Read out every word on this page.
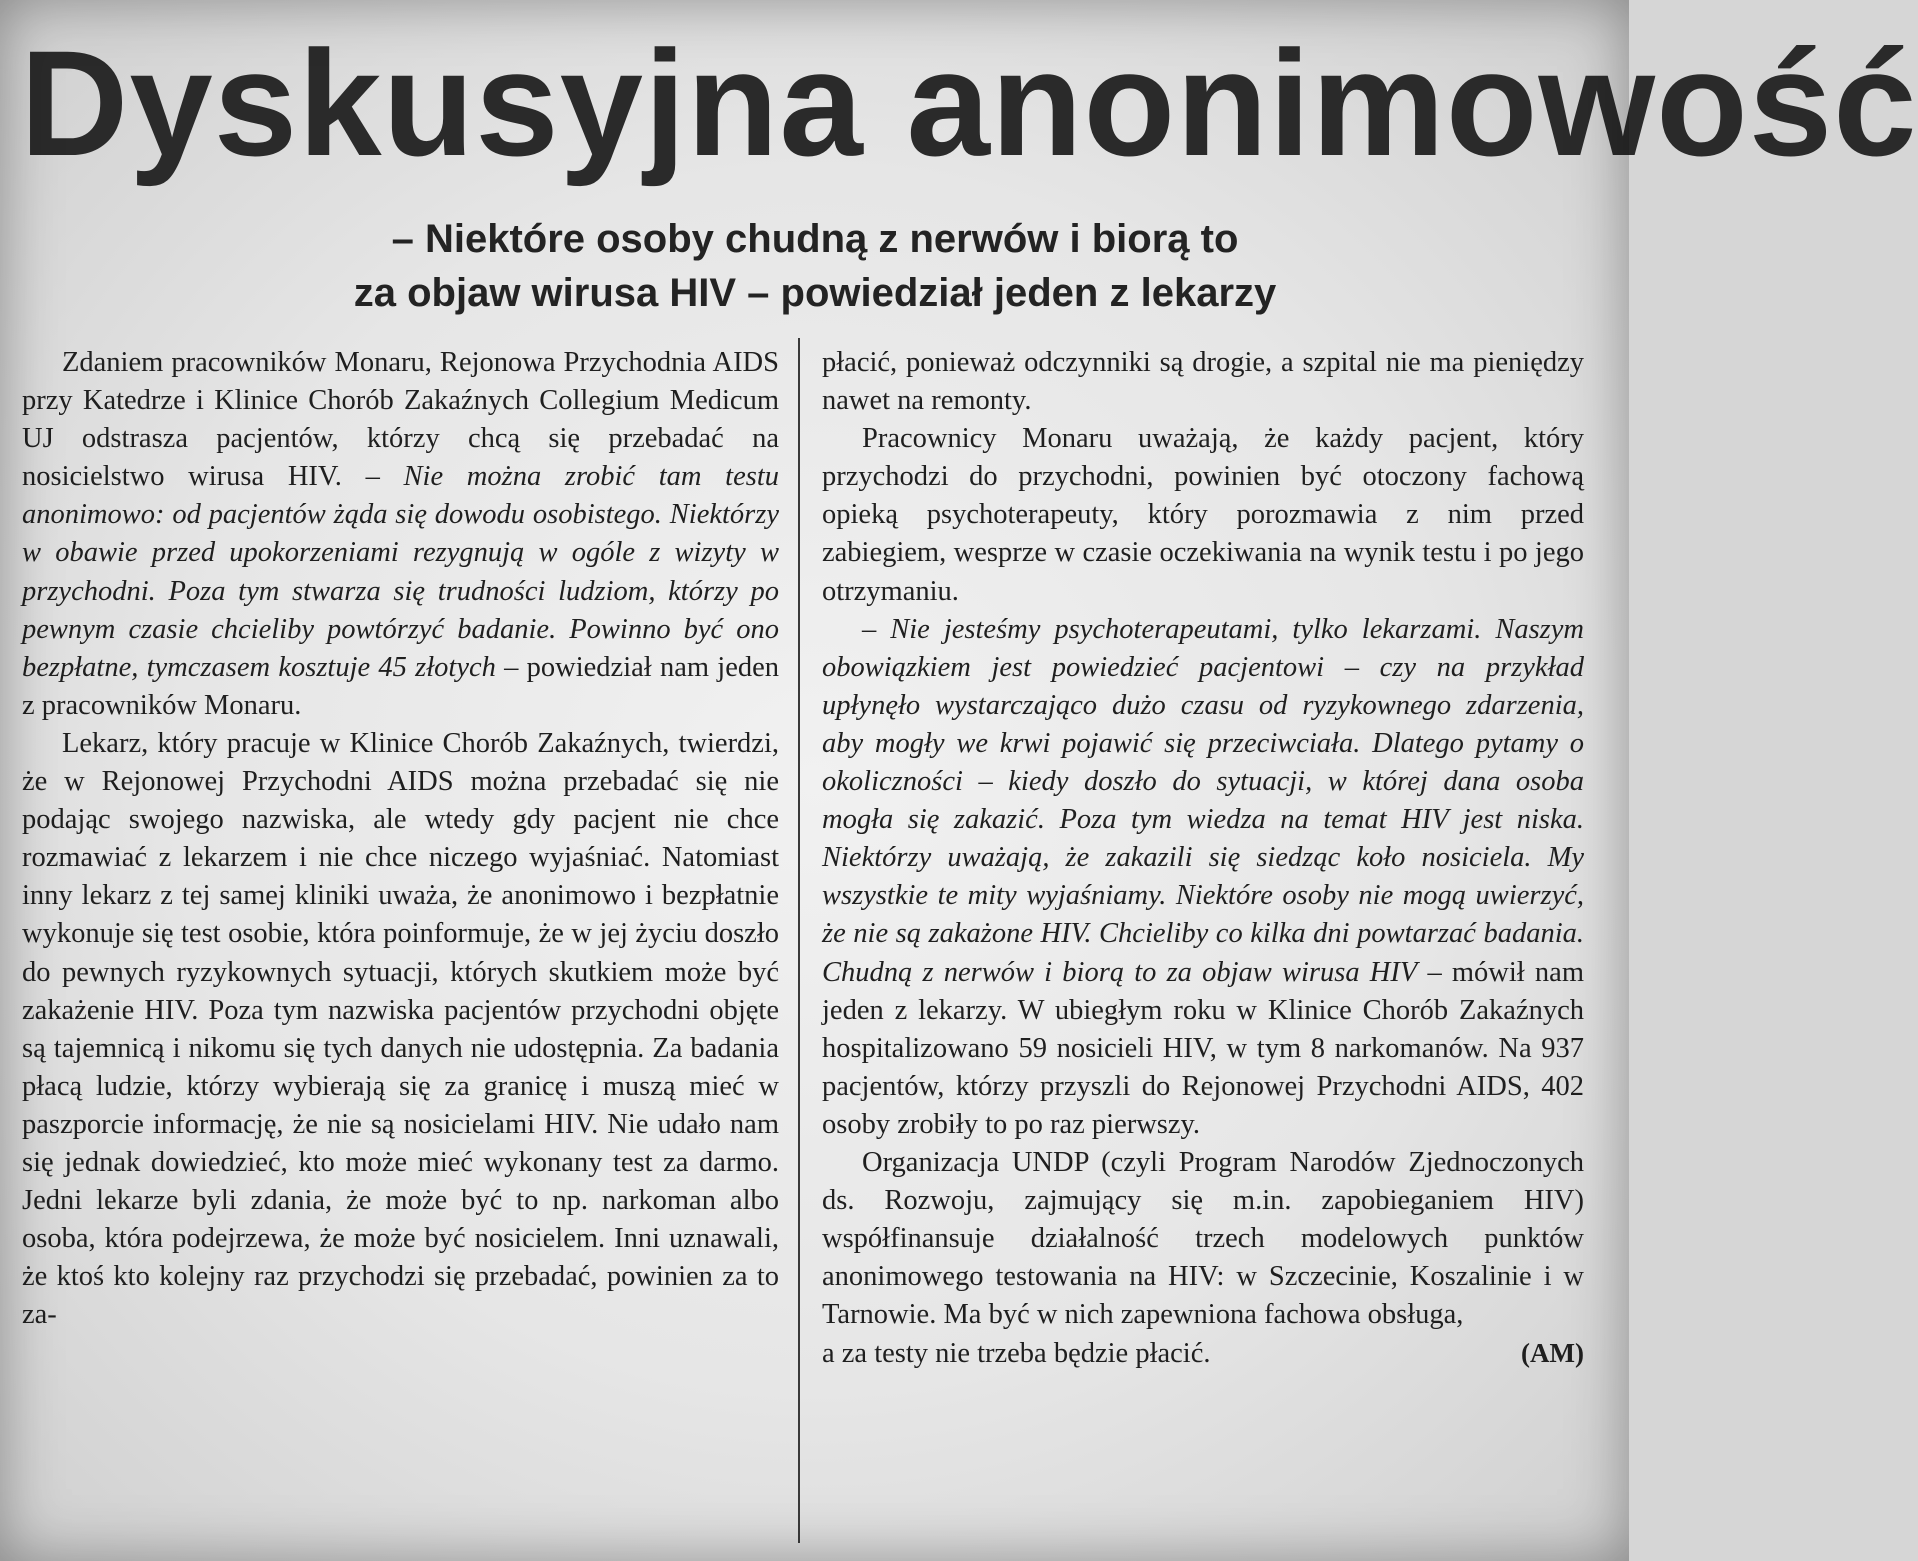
Dyskusyjna anonimowość
– Niektóre osoby chudną z nerwów i biorą to
za objaw wirusa HIV – powiedział jeden z lekarzy

Zdaniem pracowników Monaru, Rejonowa Przychodnia AIDS przy Katedrze i Klinice Chorób Zakaźnych Collegium Medicum UJ odstrasza pacjentów, którzy chcą się przebadać na nosicielstwo wirusa HIV. – Nie można zrobić tam testu anonimowo: od pacjentów żąda się dowodu osobistego. Niektórzy w obawie przed upokorzeniami rezygnują w ogóle z wizyty w przychodni. Poza tym stwarza się trudności ludziom, którzy po pewnym czasie chcieliby powtórzyć badanie. Powinno być ono bezpłatne, tymczasem kosztuje 45 złotych – powiedział nam jeden z pracowników Monaru.

Lekarz, który pracuje w Klinice Chorób Zakaźnych, twierdzi, że w Rejonowej Przychodni AIDS można przebadać się nie podając swojego nazwiska, ale wtedy gdy pacjent nie chce rozmawiać z lekarzem i nie chce niczego wyjaśniać. Natomiast inny lekarz z tej samej kliniki uważa, że anonimowo i bezpłatnie wykonuje się test osobie, która poinformuje, że w jej życiu doszło do pewnych ryzykownych sytuacji, których skutkiem może być zakażenie HIV. Poza tym nazwiska pacjentów przychodni objęte są tajemnicą i nikomu się tych danych nie udostępnia. Za badania płacą ludzie, którzy wybierają się za granicę i muszą mieć w paszporcie informację, że nie są nosicielami HIV. Nie udało nam się jednak dowiedzieć, kto może mieć wykonany test za darmo. Jedni lekarze byli zdania, że może być to np. narkoman albo osoba, która podejrzewa, że może być nosicielem. Inni uznawali, że ktoś kto kolejny raz przychodzi się przebadać, powinien za to za-

płacić, ponieważ odczynniki są drogie, a szpital nie ma pieniędzy nawet na remonty.

Pracownicy Monaru uważają, że każdy pacjent, który przychodzi do przychodni, powinien być otoczony fachową opieką psychoterapeuty, który porozmawia z nim przed zabiegiem, wesprze w czasie oczekiwania na wynik testu i po jego otrzymaniu.

– Nie jesteśmy psychoterapeutami, tylko lekarzami. Naszym obowiązkiem jest powiedzieć pacjentowi – czy na przykład upłynęło wystarczająco dużo czasu od ryzykownego zdarzenia, aby mogły we krwi pojawić się przeciwciała. Dlatego pytamy o okoliczności – kiedy doszło do sytuacji, w której dana osoba mogła się zakazić. Poza tym wiedza na temat HIV jest niska. Niektórzy uważają, że zakazili się siedząc koło nosiciela. My wszystkie te mity wyjaśniamy. Niektóre osoby nie mogą uwierzyć, że nie są zakażone HIV. Chcieliby co kilka dni powtarzać badania. Chudną z nerwów i biorą to za objaw wirusa HIV – mówił nam jeden z lekarzy. W ubiegłym roku w Klinice Chorób Zakaźnych hospitalizowano 59 nosicieli HIV, w tym 8 narkomanów. Na 937 pacjentów, którzy przyszli do Rejonowej Przychodni AIDS, 402 osoby zrobiły to po raz pierwszy.

Organizacja UNDP (czyli Program Narodów Zjednoczonych ds. Rozwoju, zajmujący się m.in. zapobieganiem HIV) współfinansuje działalność trzech modelowych punktów anonimowego testowania na HIV: w Szczecinie, Koszalinie i w Tarnowie. Ma być w nich zapewniona fachowa obsługa,

a za testy nie trzeba będzie płacić.	(AM)
